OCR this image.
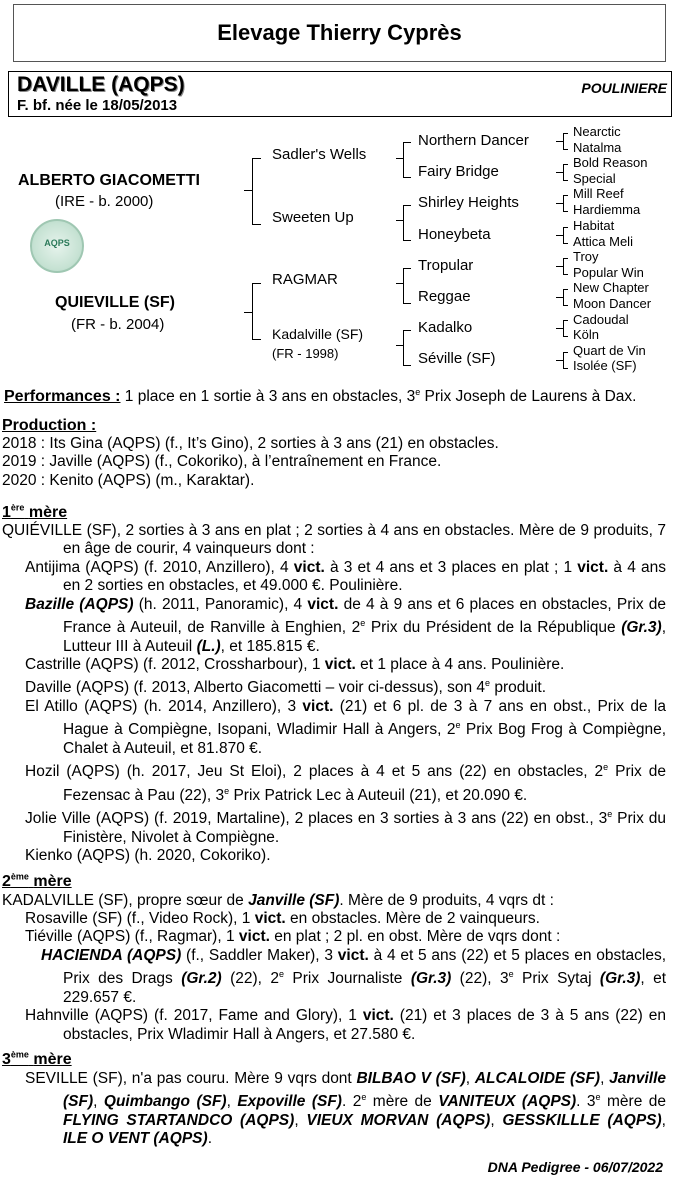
Elevage Thierry Cyprès
DAVILLE (AQPS)
F. bf. née le 18/05/2013
POULINIERE
ALBERTO GIACOMETTI
(IRE - b. 2000)
AQPS
QUIEVILLE (SF)
(FR - b. 2004)
Sadler's Wells
Sweeten Up
RAGMAR
Kadalville (SF)
(FR - 1998)
Northern Dancer
Fairy Bridge
Shirley Heights
Honeybeta
Tropular
Reggae
Kadalko
Séville (SF)
Nearctic
Natalma
Bold Reason
Special
Mill Reef
Hardiemma
Habitat
Attica Meli
Troy
Popular Win
New Chapter
Moon Dancer
Cadoudal
Köln
Quart de Vin
Isolée (SF)

Performances : 1 place en 1 sortie à 3 ans en obstacles, 3e Prix Joseph de Laurens à Dax.

Production :

2018 : Its Gina (AQPS) (f., It’s Gino), 2 sorties à 3 ans (21) en obstacles.

2019 : Javille (AQPS) (f., Cokoriko), à l’entraînement en France.

2020 : Kenito (AQPS) (m., Karaktar).

1ère mère

QUIÉVILLE (SF), 2 sorties à 3 ans en plat ; 2 sorties à 4 ans en obstacles. Mère de 9 produits, 7 en âge de courir, 4 vainqueurs dont :

Antijima (AQPS) (f. 2010, Anzillero), 4 vict. à 3 et 4 ans et 3 places en plat ; 1 vict. à 4 ans en 2 sorties en obstacles, et 49.000 €. Poulinière.

Bazille (AQPS) (h. 2011, Panoramic), 4 vict. de 4 à 9 ans et 6 places en obstacles, Prix de France à Auteuil, de Ranville à Enghien, 2e Prix du Président de la République (Gr.3), Lutteur III à Auteuil (L.), et 185.815 €.

Castrille (AQPS) (f. 2012, Crossharbour), 1 vict. et 1 place à 4 ans. Poulinière.

Daville (AQPS) (f. 2013, Alberto Giacometti – voir ci-dessus), son 4e produit.

El Atillo (AQPS) (h. 2014, Anzillero), 3 vict. (21) et 6 pl. de 3 à 7 ans en obst., Prix de la Hague à Compiègne, Isopani, Wladimir Hall à Angers, 2e Prix Bog Frog à Compiègne, Chalet à Auteuil, et 81.870 €.

Hozil (AQPS) (h. 2017, Jeu St Eloi), 2 places à 4 et 5 ans (22) en obstacles, 2e Prix de Fezensac à Pau (22), 3e Prix Patrick Lec à Auteuil (21), et 20.090 €.

Jolie Ville (AQPS) (f. 2019, Martaline), 2 places en 3 sorties à 3 ans (22) en obst., 3e Prix du Finistère, Nivolet à Compiègne.

Kienko (AQPS) (h. 2020, Cokoriko).

2ème mère

KADALVILLE (SF), propre sœur de Janville (SF). Mère de 9 produits, 4 vqrs dt :

Rosaville (SF) (f., Video Rock), 1 vict. en obstacles. Mère de 2 vainqueurs.

Tiéville (AQPS) (f., Ragmar), 1 vict. en plat ; 2 pl. en obst. Mère de vqrs dont :

HACIENDA (AQPS) (f., Saddler Maker), 3 vict. à 4 et 5 ans (22) et 5 places en obstacles, Prix des Drags (Gr.2) (22), 2e Prix Journaliste (Gr.3) (22), 3e Prix Sytaj (Gr.3), et 229.657 €.

Hahnville (AQPS) (f. 2017, Fame and Glory), 1 vict. (21) et 3 places de 3 à 5 ans (22) en obstacles, Prix Wladimir Hall à Angers, et 27.580 €.

3ème mère

SEVILLE (SF), n'a pas couru. Mère 9 vqrs dont BILBAO V (SF), ALCALOIDE (SF), Janville (SF), Quimbango (SF), Expoville (SF). 2e mère de VANITEUX (AQPS). 3e mère de FLYING STARTANDCO (AQPS), VIEUX MORVAN (AQPS), GESSKILLLE (AQPS), ILE O VENT (AQPS).

DNA Pedigree - 06/07/2022
